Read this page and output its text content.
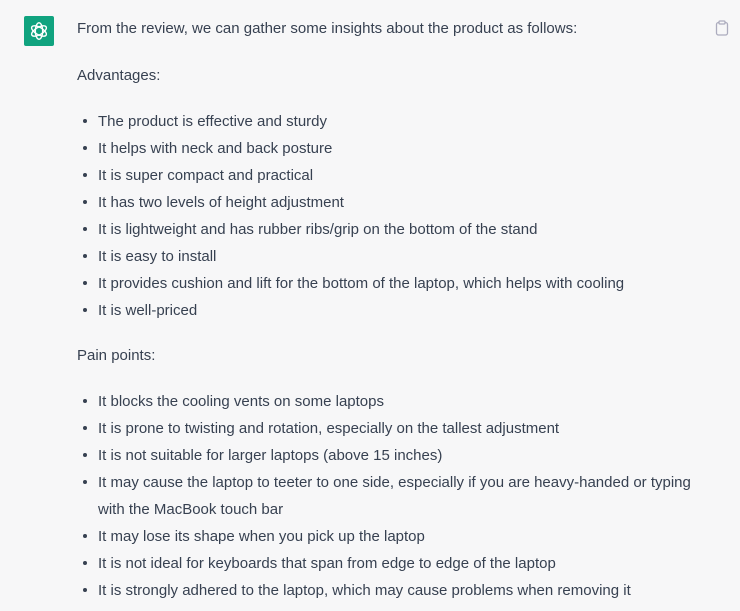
From the review, we can gather some insights about the product as follows:

Advantages:

The product is effective and sturdy
It helps with neck and back posture
It is super compact and practical
It has two levels of height adjustment
It is lightweight and has rubber ribs/grip on the bottom of the stand
It is easy to install
It provides cushion and lift for the bottom of the laptop, which helps with cooling
It is well-priced

Pain points:

It blocks the cooling vents on some laptops
It is prone to twisting and rotation, especially on the tallest adjustment
It is not suitable for larger laptops (above 15 inches)
It may cause the laptop to teeter to one side, especially if you are heavy-handed or typing with the MacBook touch bar
It may lose its shape when you pick up the laptop
It is not ideal for keyboards that span from edge to edge of the laptop
It is strongly adhered to the laptop, which may cause problems when removing it
